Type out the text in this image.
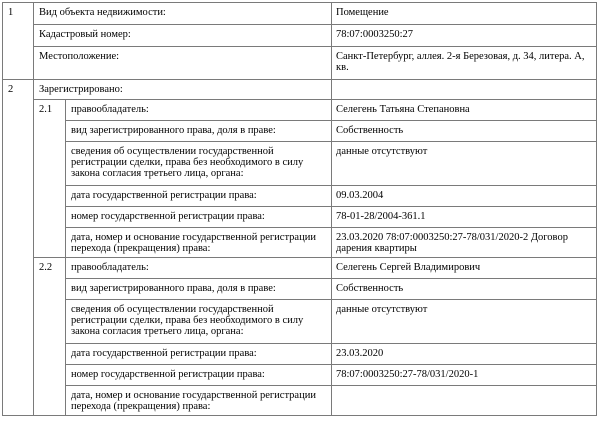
1	Вид объекта недвижимости:		Помещение
	Кадастровый номер:		78:07:0003250:27
	Местоположение:		Санкт-Петербург, аллея. 2-я Березовая, д. 34, литера. А, кв.
2	Зарегистрировано:		
	2.1	правообладатель:	Селегень Татьяна Степановна
		вид зарегистрированного права, доля в праве:	Собственность
		сведения об осуществлении государственной регистрации сделки, права без необходимого в силу закона согласия третьего лица, органа:	данные отсутствуют
		дата государственной регистрации права:	09.03.2004
		номер государственной регистрации права:	78-01-28/2004-361.1
		дата, номер и основание государственной регистрации перехода (прекращения) права:	23.03.2020 78:07:0003250:27-78/031/2020-2 Договор дарения квартиры
	2.2	правообладатель:	Селегень Сергей Владимирович
		вид зарегистрированного права, доля в праве:	Собственность
		сведения об осуществлении государственной регистрации сделки, права без необходимого в силу закона согласия третьего лица, органа:	данные отсутствуют
		дата государственной регистрации права:	23.03.2020
		номер государственной регистрации права:	78:07:0003250:27-78/031/2020-1
		дата, номер и основание государственной регистрации перехода (прекращения) права:	
